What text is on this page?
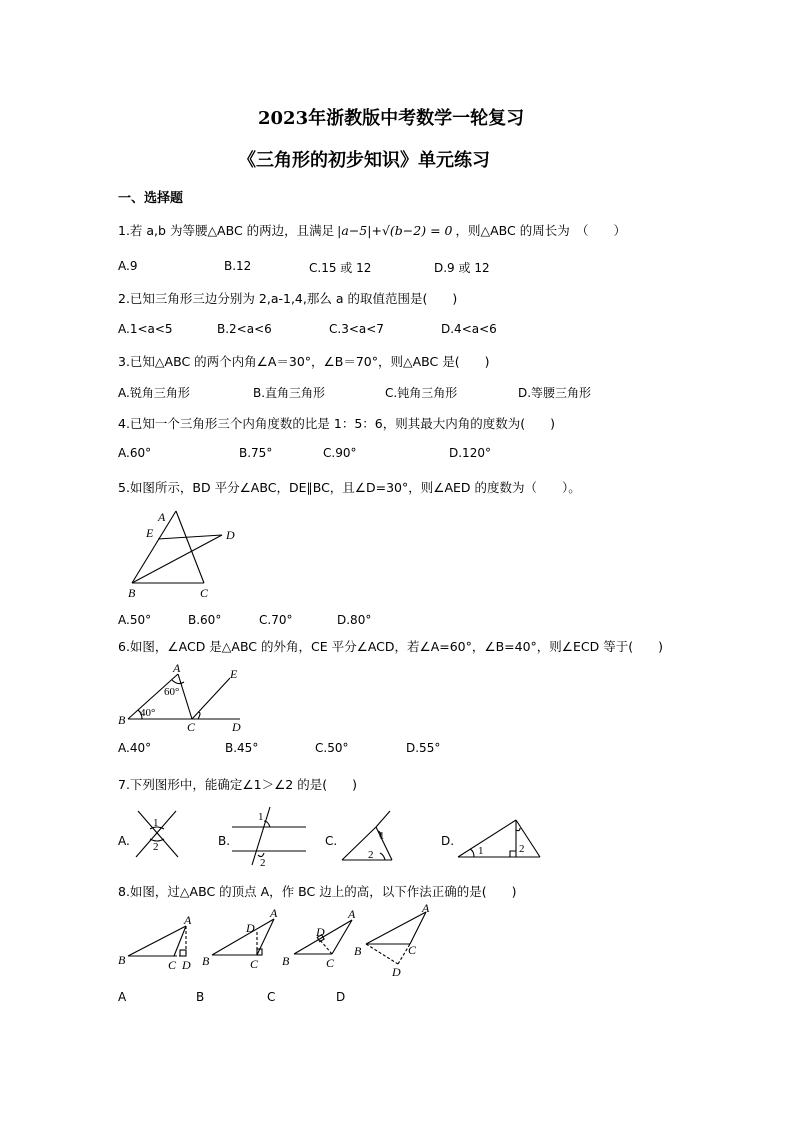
2023年浙教版中考数学一轮复习
《三角形的初步知识》单元练习
一、选择题
1.若 a,b 为等腰△ABC 的两边，且满足 |a−5|+√(b−2) = 0 ，则△ABC 的周长为　（　　）
A.9	B.12	C.15 或 12	D.9 或 12
2.已知三角形三边分别为 2,a-1,4,那么 a 的取值范围是(　　)
A.1<a<5	B.2<a<6	C.3<a<7	D.4<a<6
3.已知△ABC 的两个内角∠A＝30°，∠B＝70°，则△ABC 是(　　)
A.锐角三角形	B.直角三角形	C.钝角三角形	D.等腰三角形
4.已知一个三角形三个内角度数的比是 1：5：6，则其最大内角的度数为(　　)
A.60°	B.75°	C.90°	D.120°
5.如图所示，BD 平分∠ABC，DE∥BC，且∠D=30°，则∠AED 的度数为（　　）。
A
E	D
B	C
A.50°	B.60°	C.70°	D.80°
6.如图，∠ACD 是△ABC 的外角，CE 平分∠ACD，若∠A=60°，∠B=40°，则∠ECD 等于(　　)
A	E
B	C	D
60°
40°
A.40°	B.45°	C.50°	D.55°
7.下列图形中，能确定∠1＞∠2 的是(　　)
A.
1
2	B.
1
2
C.	1
2
D.
1	2
8.如图，过△ABC 的顶点 A，作 BC 边上的高，以下作法正确的是(　　)
A
B	C D
A
D
B	C
A
D
B	C
A
B	C
D
A	B	C	D
